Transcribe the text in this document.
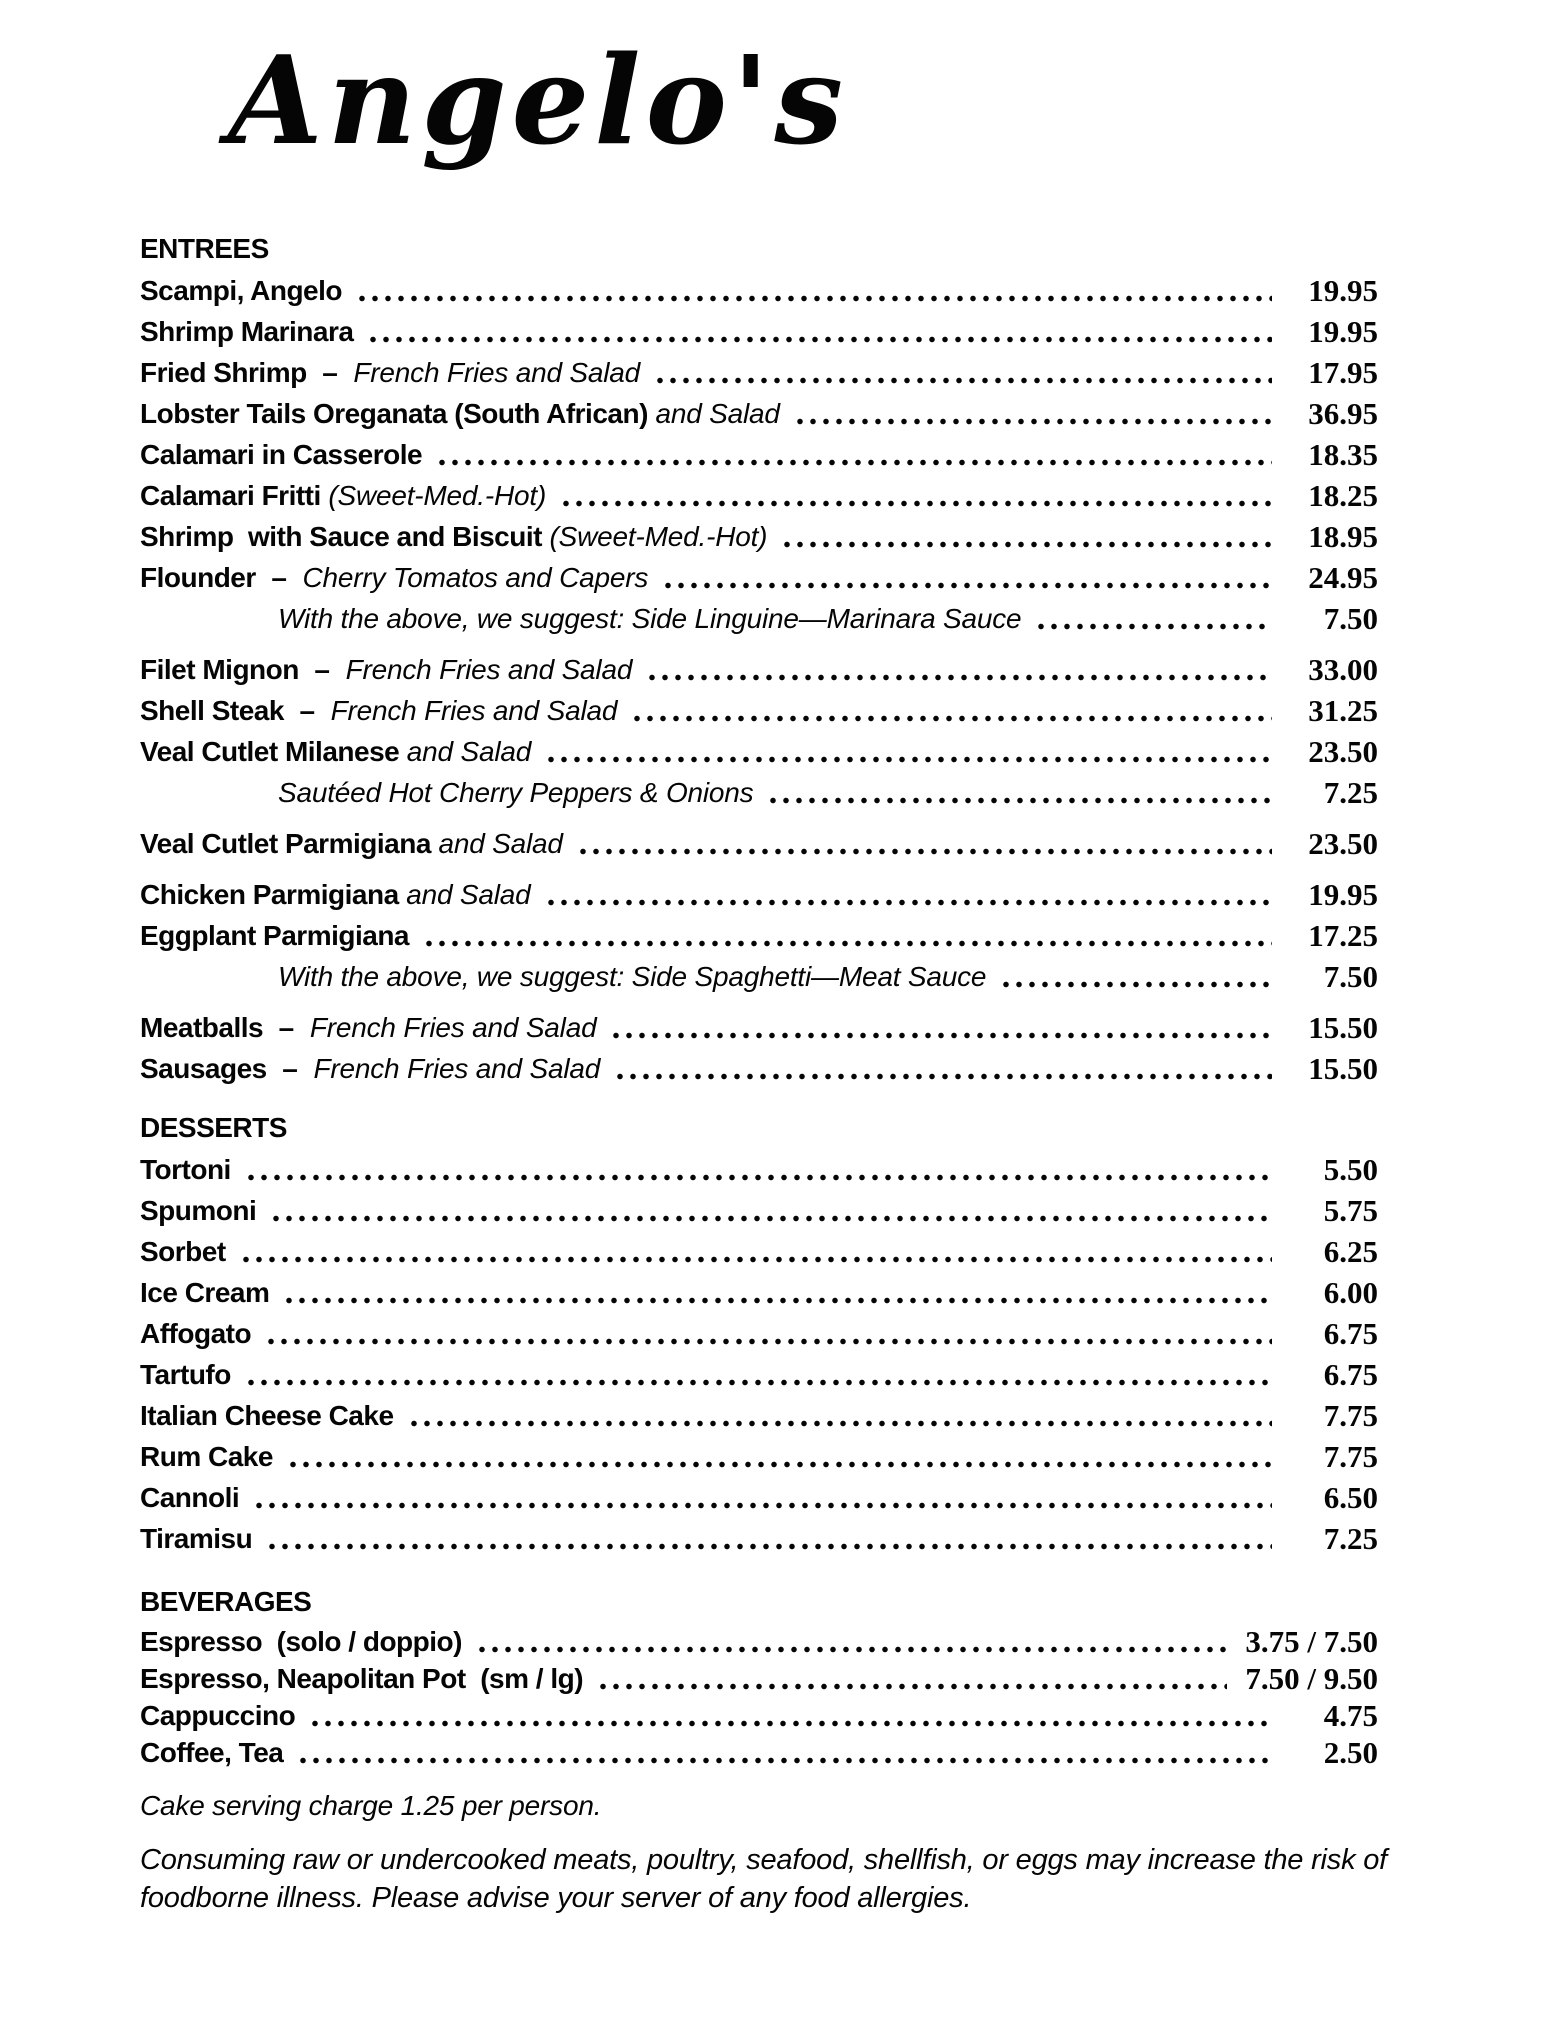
Angelo's
ENTREES
Scampi, Angelo	19.95
Shrimp Marinara	19.95
Fried Shrimp – French Fries and Salad	17.95
Lobster Tails Oreganata (South African) and Salad	36.95
Calamari in Casserole	18.35
Calamari Fritti (Sweet-Med.-Hot)	18.25
Shrimp  with Sauce and Biscuit (Sweet-Med.-Hot)	18.95
Flounder – Cherry Tomatos and Capers	24.95
With the above, we suggest: Side Linguine—Marinara Sauce	7.50
Filet Mignon – French Fries and Salad	33.00
Shell Steak – French Fries and Salad	31.25
Veal Cutlet Milanese and Salad	23.50
Sautéed Hot Cherry Peppers & Onions	7.25
Veal Cutlet Parmigiana and Salad	23.50
Chicken Parmigiana and Salad	19.95
Eggplant Parmigiana	17.25
With the above, we suggest: Side Spaghetti—Meat Sauce	7.50
Meatballs – French Fries and Salad	15.50
Sausages – French Fries and Salad	15.50
DESSERTS
Tortoni	5.50
Spumoni	5.75
Sorbet	6.25
Ice Cream	6.00
Affogato	6.75
Tartufo	6.75
Italian Cheese Cake	7.75
Rum Cake	7.75
Cannoli	6.50
Tiramisu	7.25
BEVERAGES
Espresso  (solo / doppio)	3.75 / 7.50
Espresso, Neapolitan Pot  (sm / lg)	7.50 / 9.50
Cappuccino	4.75
Coffee, Tea	2.50
Cake serving charge 1.25 per person.
Consuming raw or undercooked meats, poultry, seafood, shellfish, or eggs may increase the risk of
foodborne illness. Please advise your server of any food allergies.
